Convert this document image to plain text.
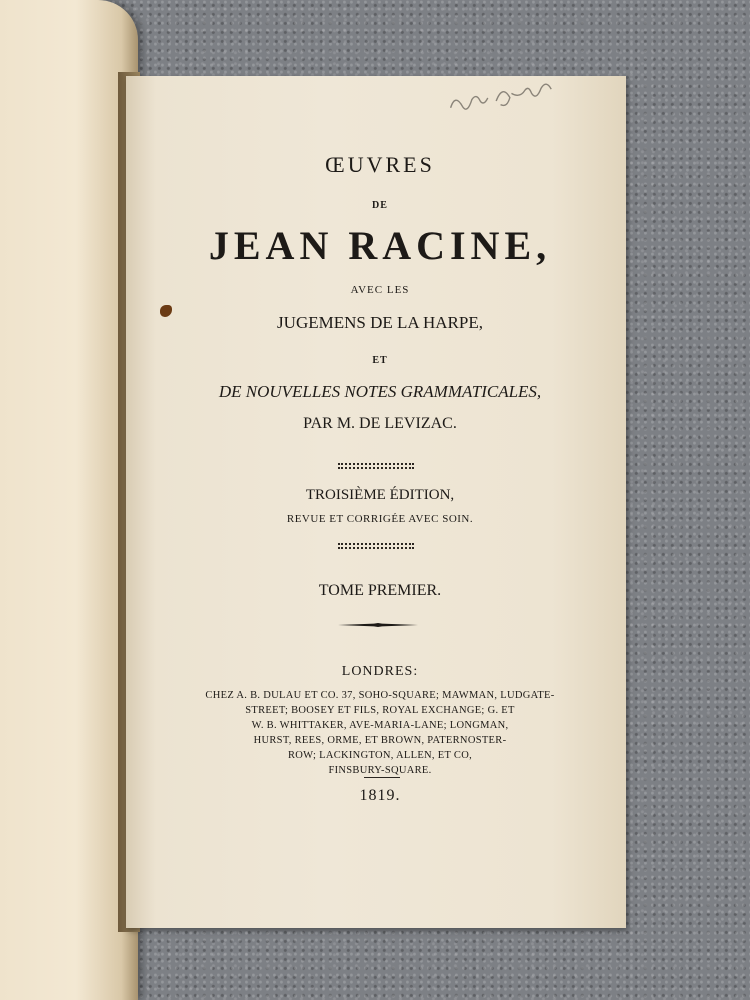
ŒUVRES
DE
JEAN RACINE,
AVEC LES
JUGEMENS DE LA HARPE,
ET
DE NOUVELLES NOTES GRAMMATICALES,
PAR M. DE LEVIZAC.
TROISIÈME ÉDITION,
REVUE ET CORRIGÉE AVEC SOIN.
TOME PREMIER.
LONDRES:
CHEZ A. B. DULAU ET CO. 37, SOHO-SQUARE; MAWMAN, LUDGATE-
STREET; BOOSEY ET FILS, ROYAL EXCHANGE; G. ET
W. B. WHITTAKER, AVE-MARIA-LANE; LONGMAN,
HURST, REES, ORME, ET BROWN, PATERNOSTER-
ROW; LACKINGTON, ALLEN, ET CO,
FINSBURY-SQUARE.
1819.
